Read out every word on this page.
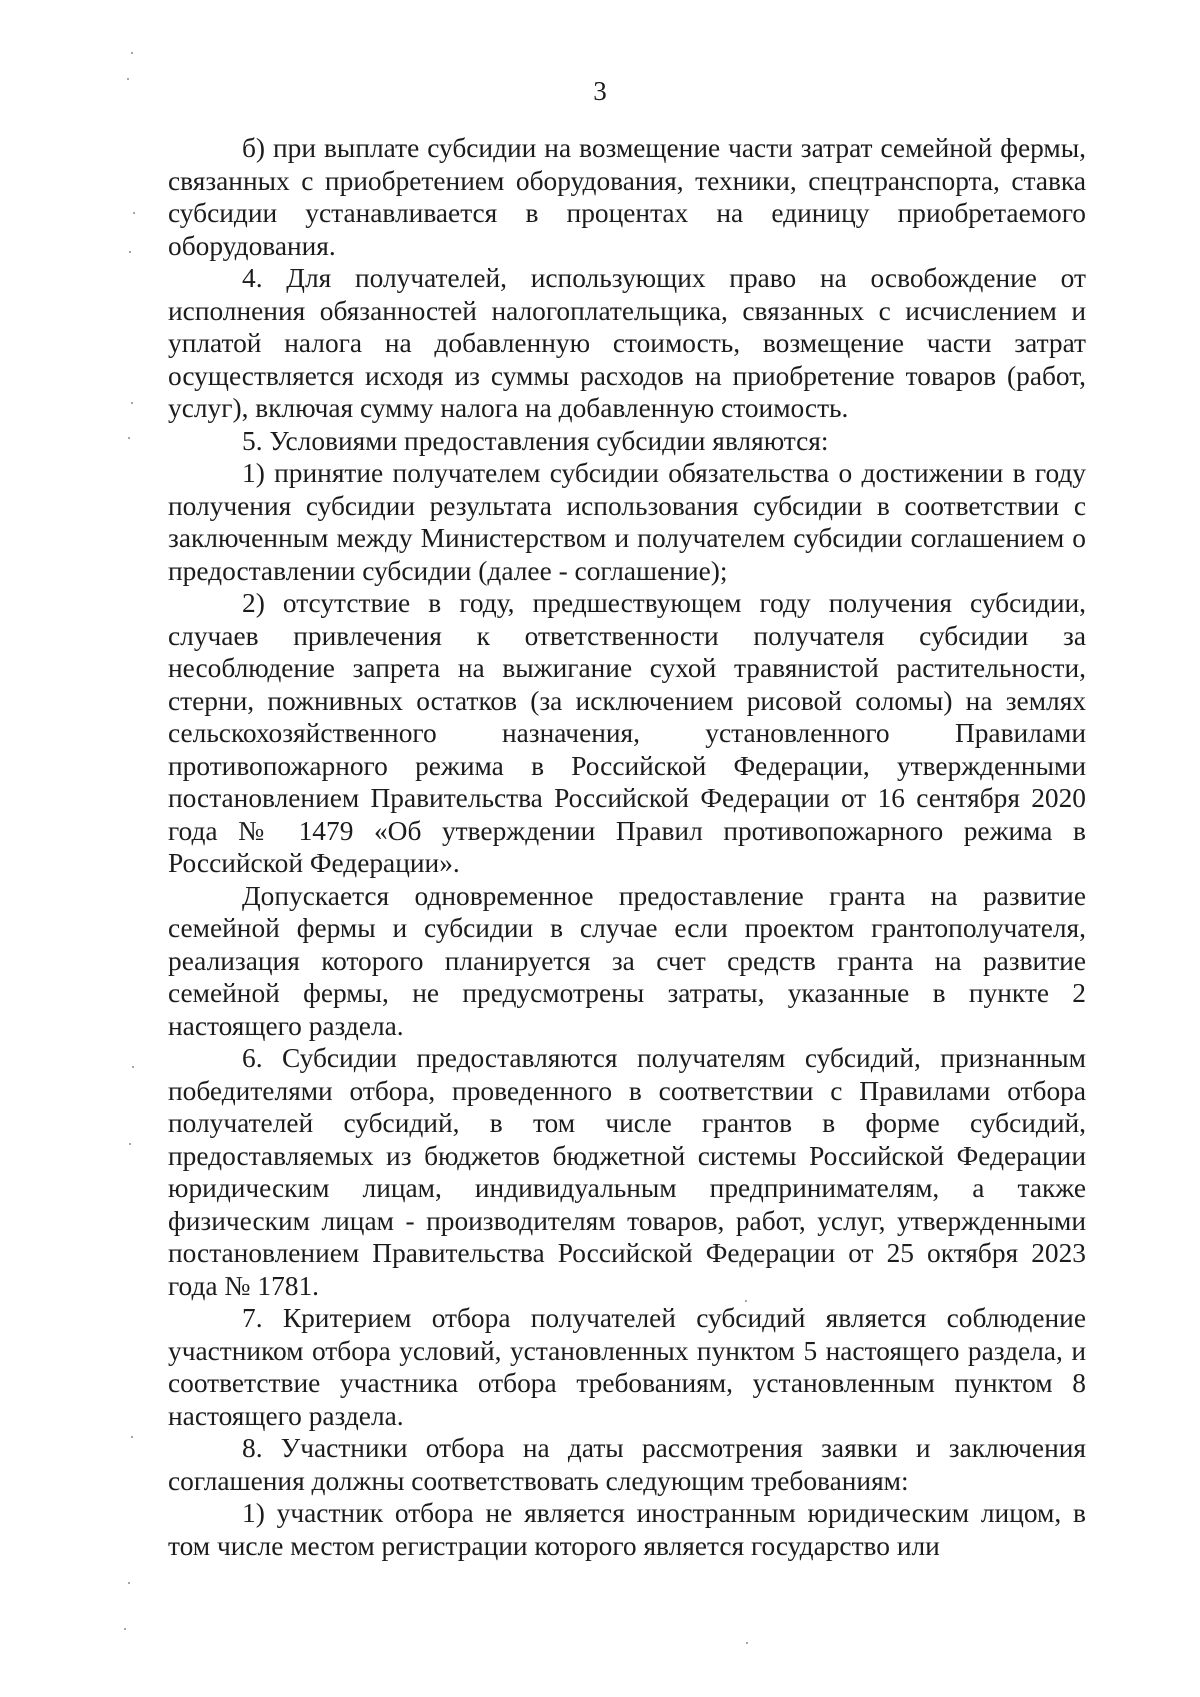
3

б) при выплате субсидии на возмещение части затрат семейной фермы, связанных с приобретением оборудования, техники, спецтранспорта, ставка субсидии устанавливается в процентах на единицу приобретаемого оборудования.

4. Для получателей, использующих право на освобождение от исполнения обязанностей налогоплательщика, связанных с исчислением и уплатой налога на добавленную стоимость, возмещение части затрат осуществляется исходя из суммы расходов на приобретение товаров (работ, услуг), включая сумму налога на добавленную стоимость.

5. Условиями предоставления субсидии являются:

1) принятие получателем субсидии обязательства о достижении в году получения субсидии результата использования субсидии в соответствии с заключенным между Министерством и получателем субсидии соглашением о предоставлении субсидии (далее - соглашение);

2) отсутствие в году, предшествующем году получения субсидии, случаев привлечения к ответственности получателя субсидии за несоблюдение запрета на выжигание сухой травянистой растительности, стерни, пожнивных остатков (за исключением рисовой соломы) на землях сельскохозяйственного назначения, установленного Правилами противопожарного режима в Российской Федерации, утвержденными постановлением Правительства Российской Федерации от 16 сентября 2020 года № 1479 «Об утверждении Правил противопожарного режима в Российской Федерации».

Допускается одновременное предоставление гранта на развитие семейной фермы и субсидии в случае если проектом грантополучателя, реализация которого планируется за счет средств гранта на развитие семейной фермы, не предусмотрены затраты, указанные в пункте 2 настоящего раздела.

6. Субсидии предоставляются получателям субсидий, признанным победителями отбора, проведенного в соответствии с Правилами отбора получателей субсидий, в том числе грантов в форме субсидий, предоставляемых из бюджетов бюджетной системы Российской Федерации юридическим лицам, индивидуальным предпринимателям, а также физическим лицам - производителям товаров, работ, услуг, утвержденными постановлением Правительства Российской Федерации от 25 октября 2023 года № 1781.

7. Критерием отбора получателей субсидий является соблюдение участником отбора условий, установленных пунктом 5 настоящего раздела, и соответствие участника отбора требованиям, установленным пунктом 8 настоящего раздела.

8. Участники отбора на даты рассмотрения заявки и заключения соглашения должны соответствовать следующим требованиям:

1) участник отбора не является иностранным юридическим лицом, в том числе местом регистрации которого является государство или
